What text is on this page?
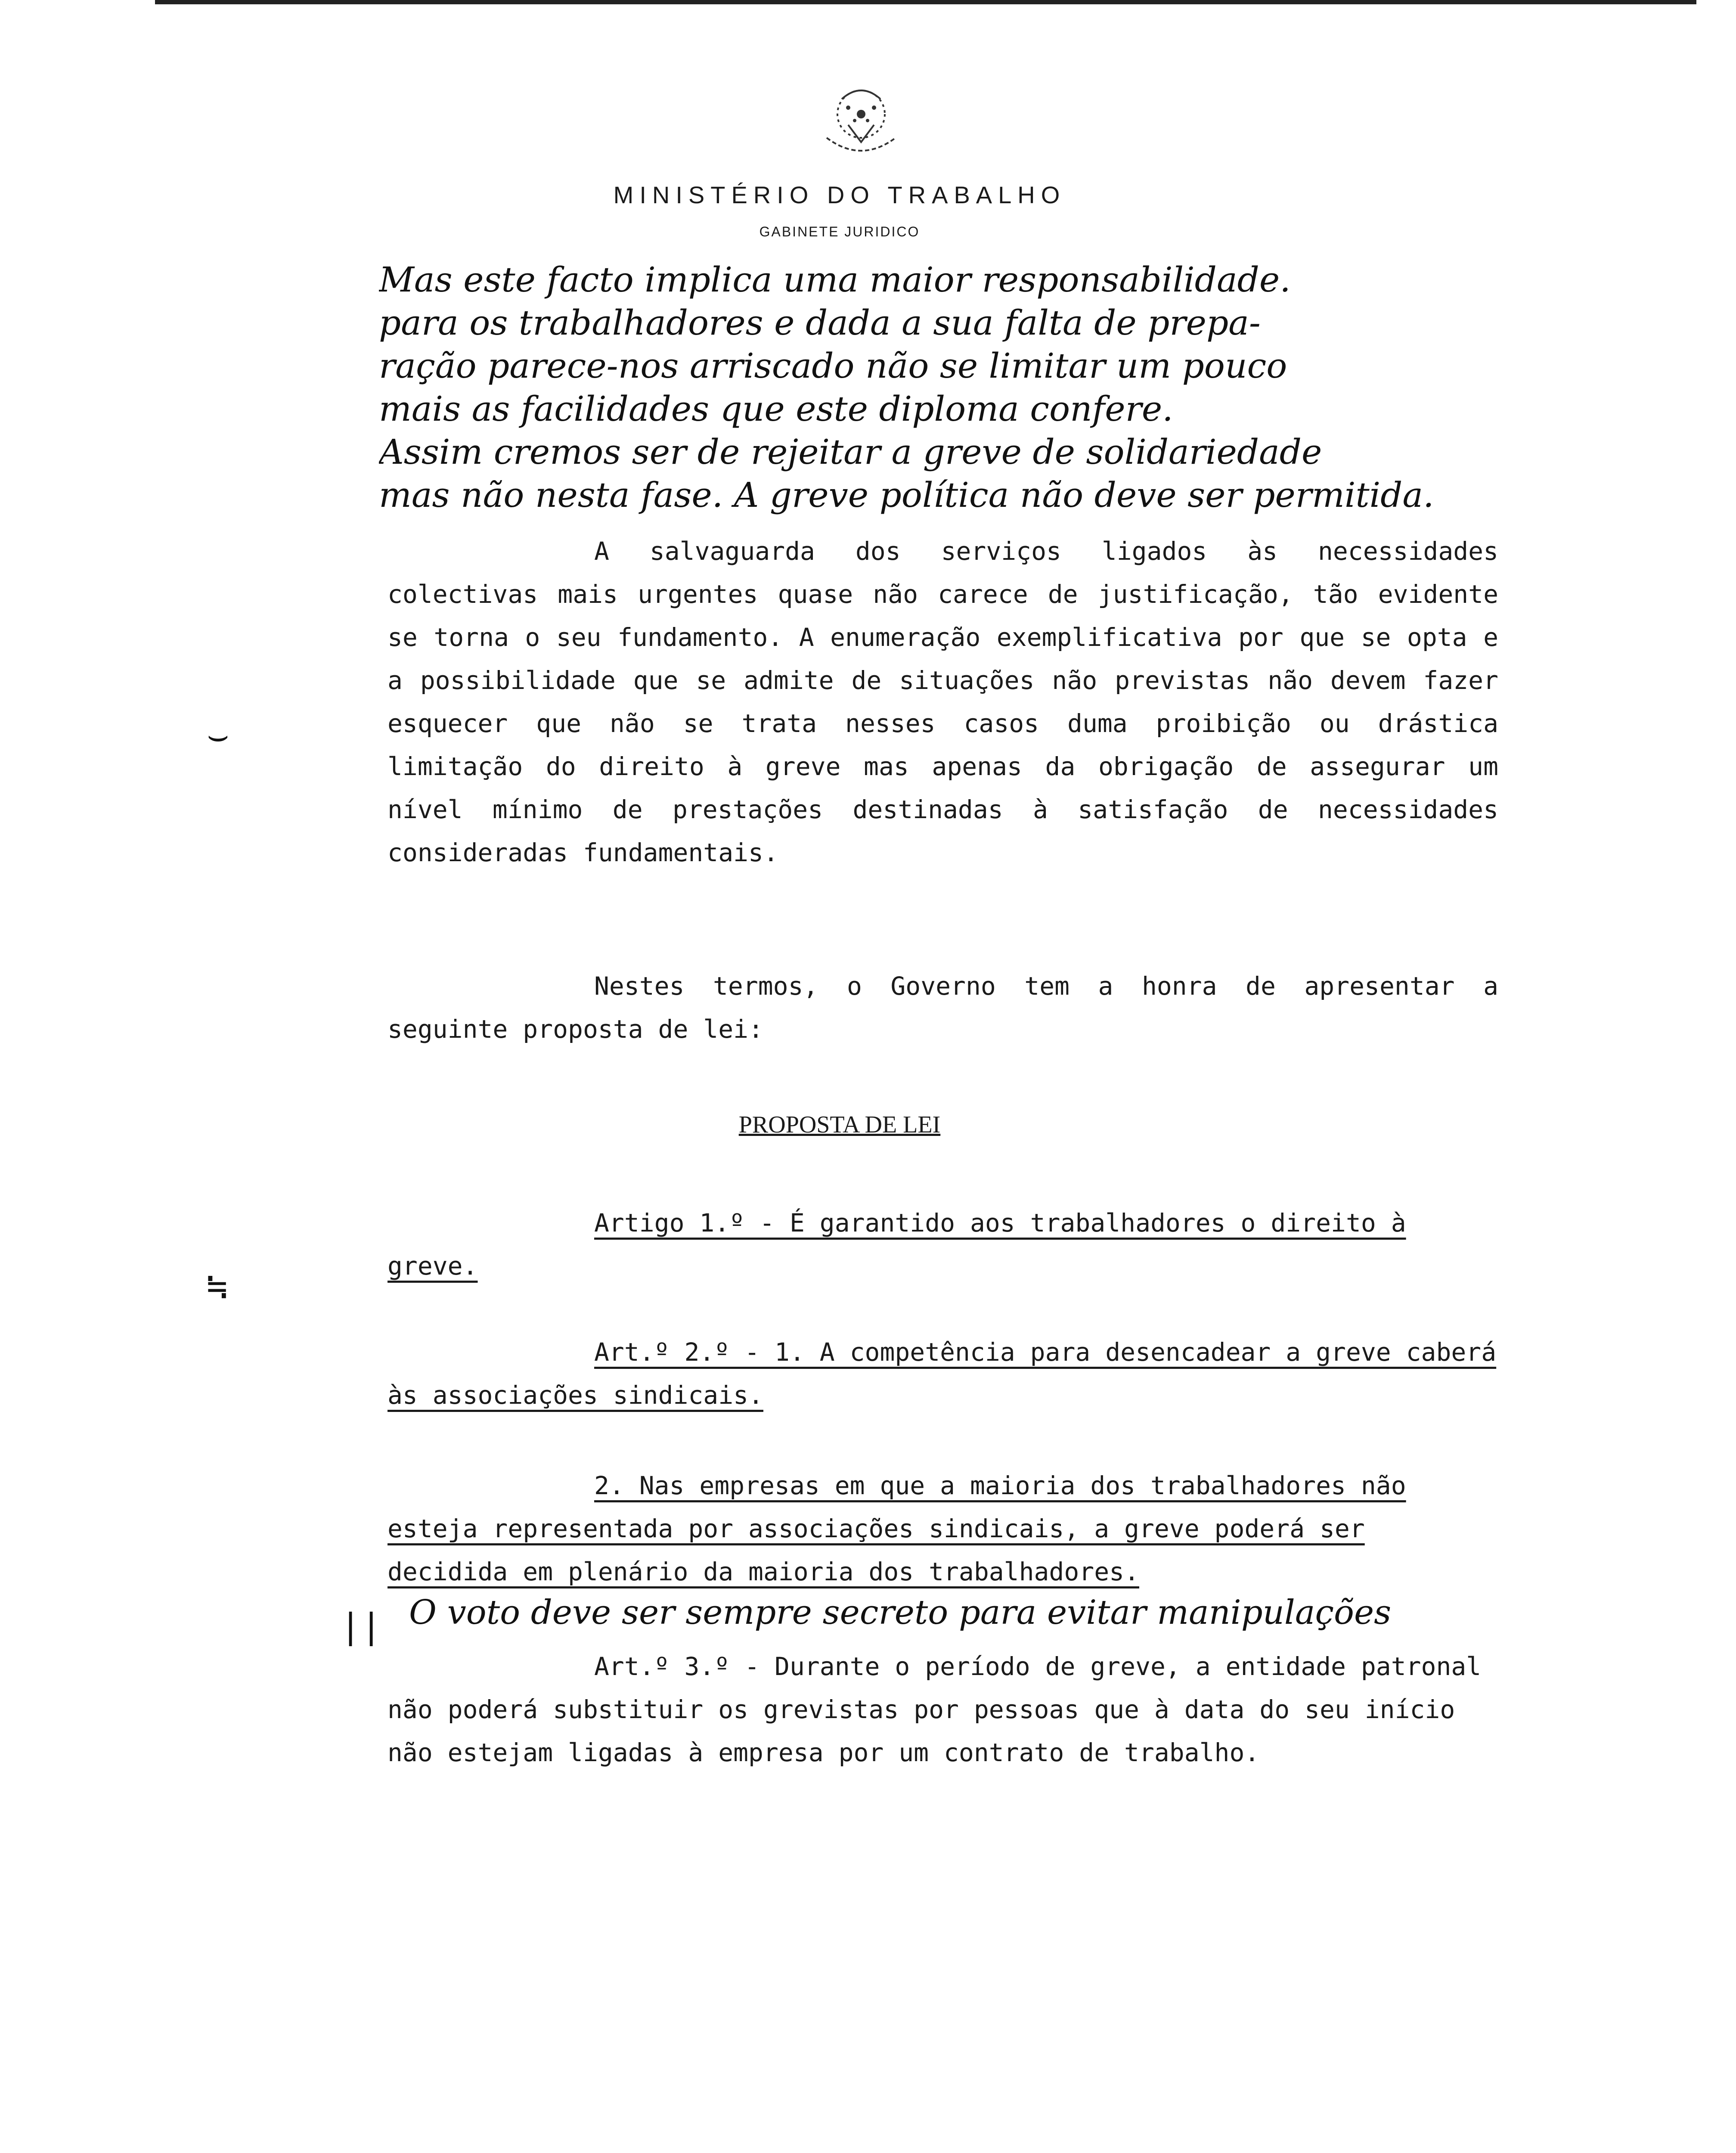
MINISTÉRIO DO TRABALHO
GABINETE JURIDICO
Mas este facto implica uma maior responsabilidade.
para os trabalhadores e dada a sua falta de prepa-
ração parece-nos arriscado não se limitar um pouco
mais as facilidades que este diploma confere.
Assim cremos ser de rejeitar a greve de solidariedade
mas não nesta fase. A greve política não deve ser permitida.
A salvaguarda dos serviços ligados às necessidades colectivas mais urgentes quase não carece de justificação, tão evidente se torna o seu fundamento. A enumeração exemplificativa por que se opta e a possibilidade que se admite de situações não previstas não devem fazer esquecer que não se trata nesses casos duma proibição ou drástica limitação do direito à greve mas apenas da obrigação de assegurar um nível mínimo de prestações destinadas à satisfação de necessidades consideradas fundamentais.
Nestes termos, o Governo tem a honra de apresentar a seguinte proposta de lei:
PROPOSTA DE LEI
Artigo 1.º - É garantido aos trabalhadores o direito à greve.
Art.º 2.º - 1. A competência para desencadear a greve caberá às associações sindicais.
2. Nas empresas em que a maioria dos trabalhadores não esteja representada por associações sindicais, a greve poderá ser decidida em plenário da maioria dos trabalhadores.
O voto deve ser sempre secreto para evitar manipulações
Art.º 3.º - Durante o período de greve, a entidade patronal não poderá substituir os grevistas por pessoas que à data do seu início não estejam ligadas à empresa por um contrato de trabalho.
||
⌣
≒
